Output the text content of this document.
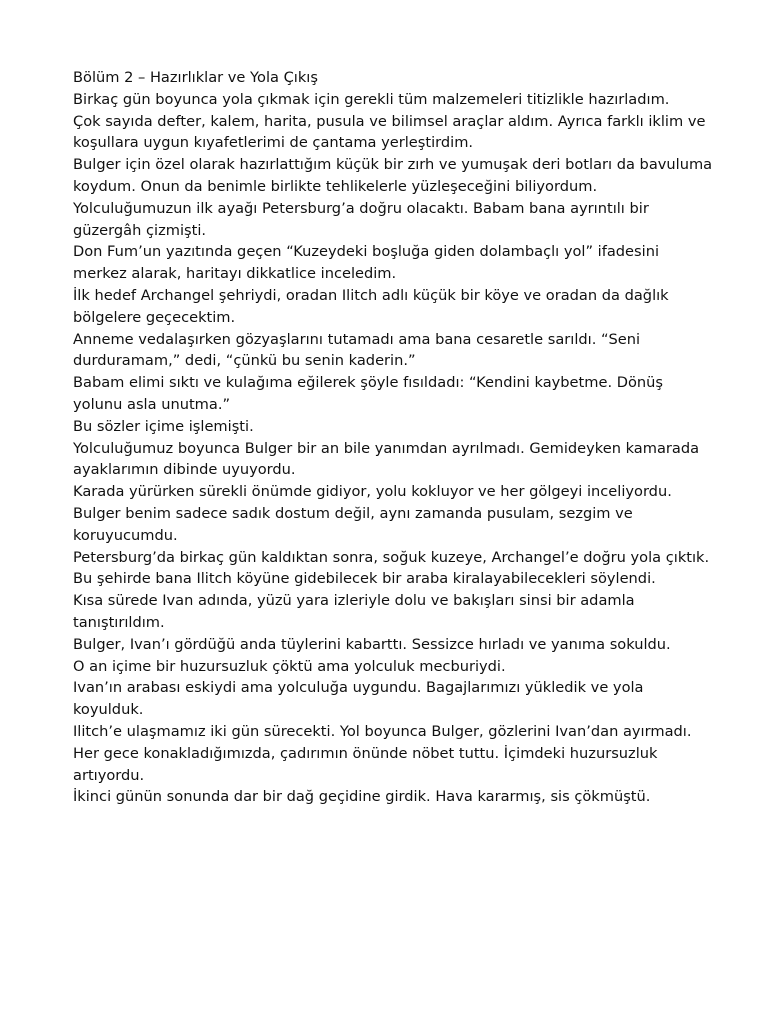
Bölüm 2 – Hazırlıklar ve Yola Çıkış

Birkaç gün boyunca yola çıkmak için gerekli tüm malzemeleri titizlikle hazırladım.

Çok sayıda defter, kalem, harita, pusula ve bilimsel araçlar aldım. Ayrıca farklı iklim ve koşullara uygun kıyafetlerimi de çantama yerleştirdim.

Bulger için özel olarak hazırlattığım küçük bir zırh ve yumuşak deri botları da bavuluma koydum. Onun da benimle birlikte tehlikelerle yüzleşeceğini biliyordum.

Yolculuğumuzun ilk ayağı Petersburg’a doğru olacaktı. Babam bana ayrıntılı bir güzergâh çizmişti.

Don Fum’un yazıtında geçen “Kuzeydeki boşluğa giden dolambaçlı yol” ifadesini merkez alarak, haritayı dikkatlice inceledim.

İlk hedef Archangel şehriydi, oradan Ilitch adlı küçük bir köye ve oradan da dağlık bölgelere geçecektim.

Anneme vedalaşırken gözyaşlarını tutamadı ama bana cesaretle sarıldı. “Seni durduramam,” dedi, “çünkü bu senin kaderin.”

Babam elimi sıktı ve kulağıma eğilerek şöyle fısıldadı: “Kendini kaybetme. Dönüş yolunu asla unutma.”

Bu sözler içime işlemişti.

Yolculuğumuz boyunca Bulger bir an bile yanımdan ayrılmadı. Gemideyken kamarada ayaklarımın dibinde uyuyordu.

Karada yürürken sürekli önümde gidiyor, yolu kokluyor ve her gölgeyi inceliyordu.

Bulger benim sadece sadık dostum değil, aynı zamanda pusulam, sezgim ve koruyucumdu.

Petersburg’da birkaç gün kaldıktan sonra, soğuk kuzeye, Archangel’e doğru yola çıktık.

Bu şehirde bana Ilitch köyüne gidebilecek bir araba kiralayabilecekleri söylendi.

Kısa sürede Ivan adında, yüzü yara izleriyle dolu ve bakışları sinsi bir adamla tanıştırıldım.

Bulger, Ivan’ı gördüğü anda tüylerini kabarttı. Sessizce hırladı ve yanıma sokuldu.

O an içime bir huzursuzluk çöktü ama yolculuk mecburiydi.

Ivan’ın arabası eskiydi ama yolculuğa uygundu. Bagajlarımızı yükledik ve yola koyulduk.

Ilitch’e ulaşmamız iki gün sürecekti. Yol boyunca Bulger, gözlerini Ivan’dan ayırmadı.

Her gece konakladığımızda, çadırımın önünde nöbet tuttu. İçimdeki huzursuzluk artıyordu.

İkinci günün sonunda dar bir dağ geçidine girdik. Hava kararmış, sis çökmüştü.
